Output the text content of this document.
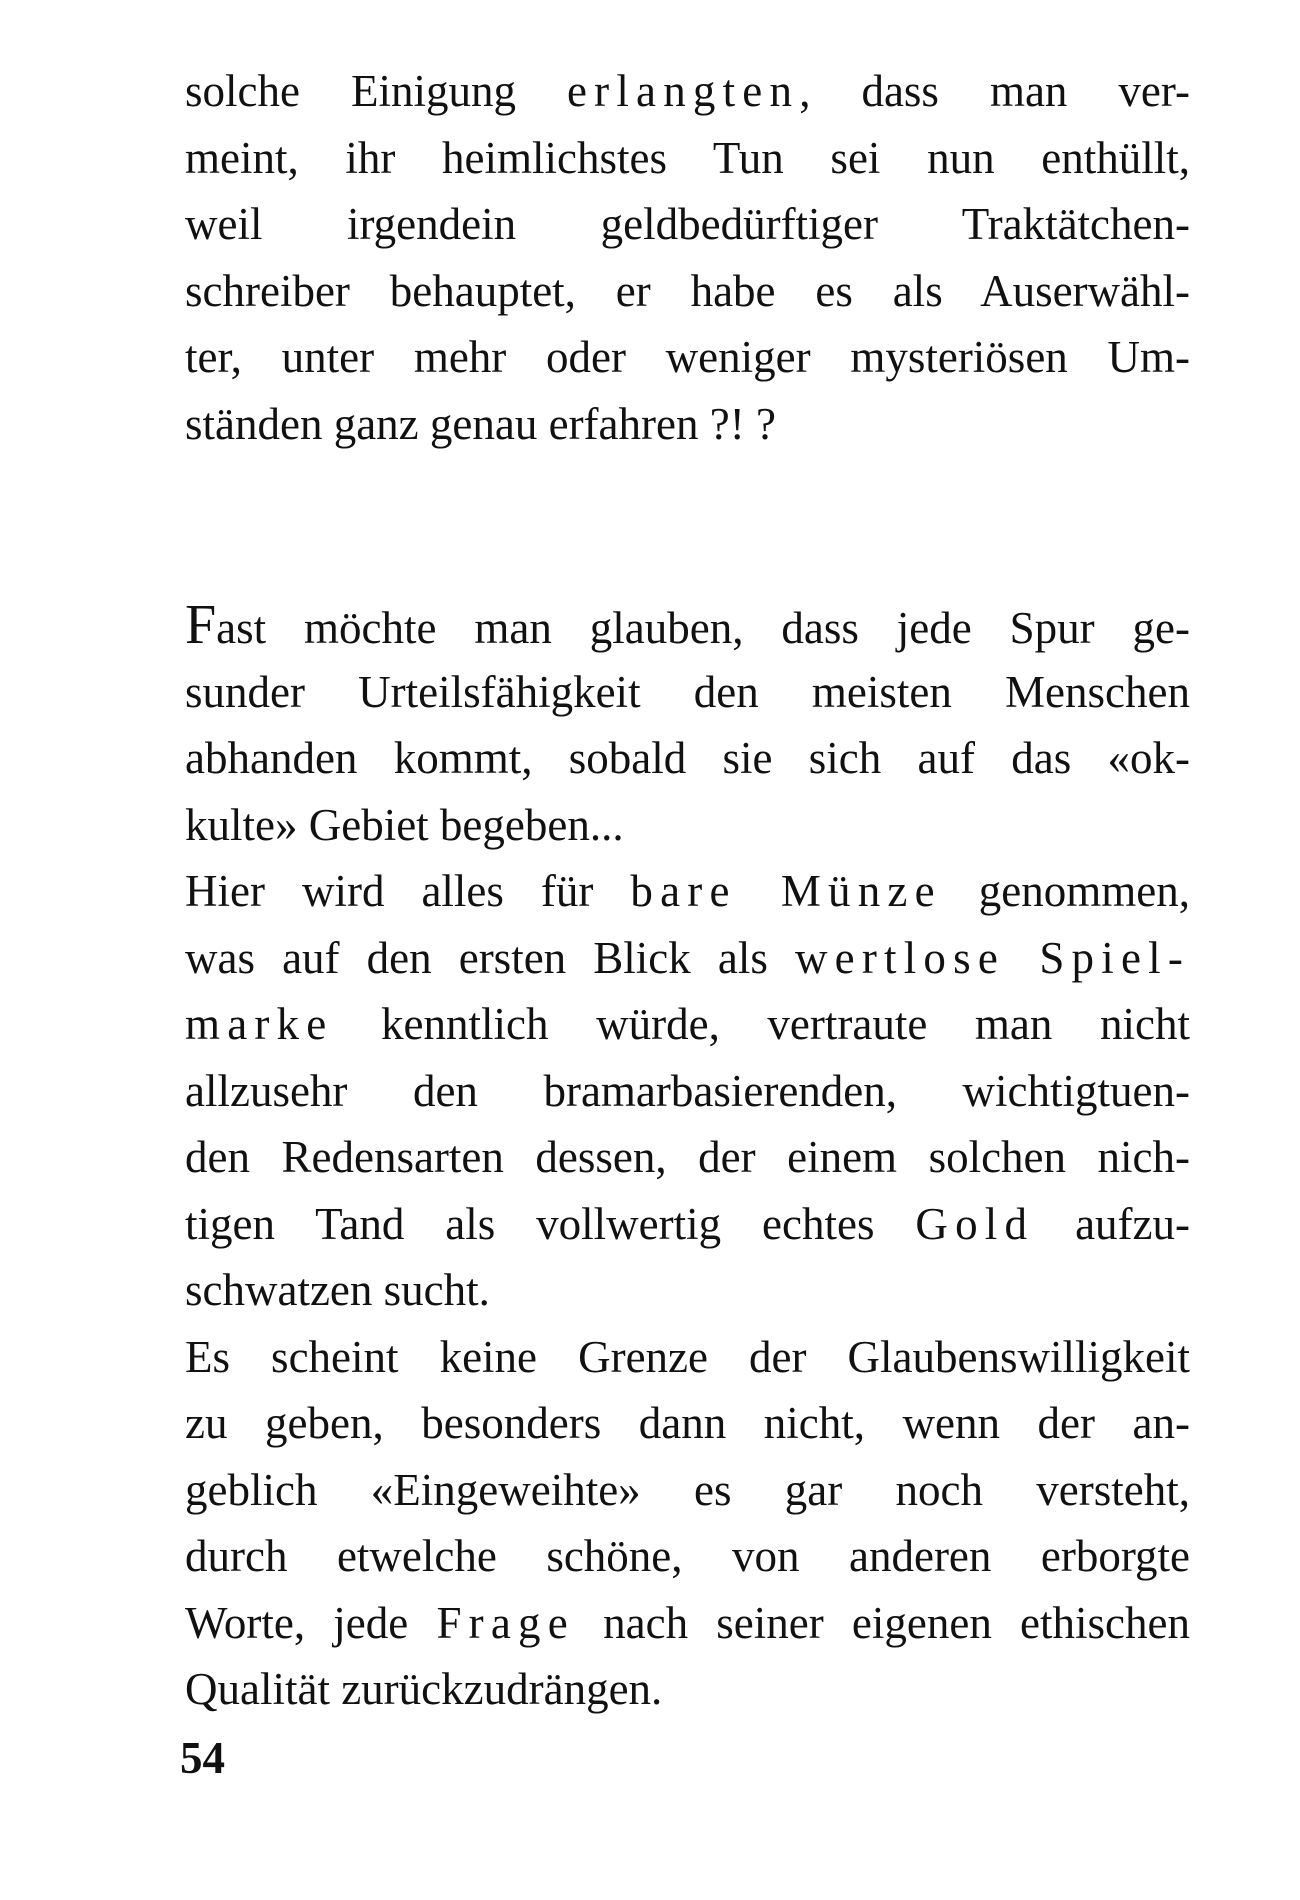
solche Einigung erlangten, dass man ver-
meint, ihr heimlichstes Tun sei nun enthüllt,
weil irgendein geldbedürftiger Traktätchen-
schreiber behauptet, er habe es als Auserwähl-
ter, unter mehr oder weniger mysteriösen Um-
ständen ganz genau erfahren ?! ?
Fast möchte man glauben, dass jede Spur ge-
sunder Urteilsfähigkeit den meisten Menschen
abhanden kommt, sobald sie sich auf das «ok-
kulte» Gebiet begeben...
Hier wird alles für bare Münze genommen,
was auf den ersten Blick als wertlose Spiel-
marke kenntlich würde, vertraute man nicht
allzusehr den bramarbasierenden, wichtigtuen-
den Redensarten dessen, der einem solchen nich-
tigen Tand als vollwertig echtes Gold aufzu-
schwatzen sucht.
Es scheint keine Grenze der Glaubenswilligkeit
zu geben, besonders dann nicht, wenn der an-
geblich «Eingeweihte» es gar noch versteht,
durch etwelche schöne, von anderen erborgte
Worte, jede Frage nach seiner eigenen ethischen
Qualität zurückzudrängen.
54
